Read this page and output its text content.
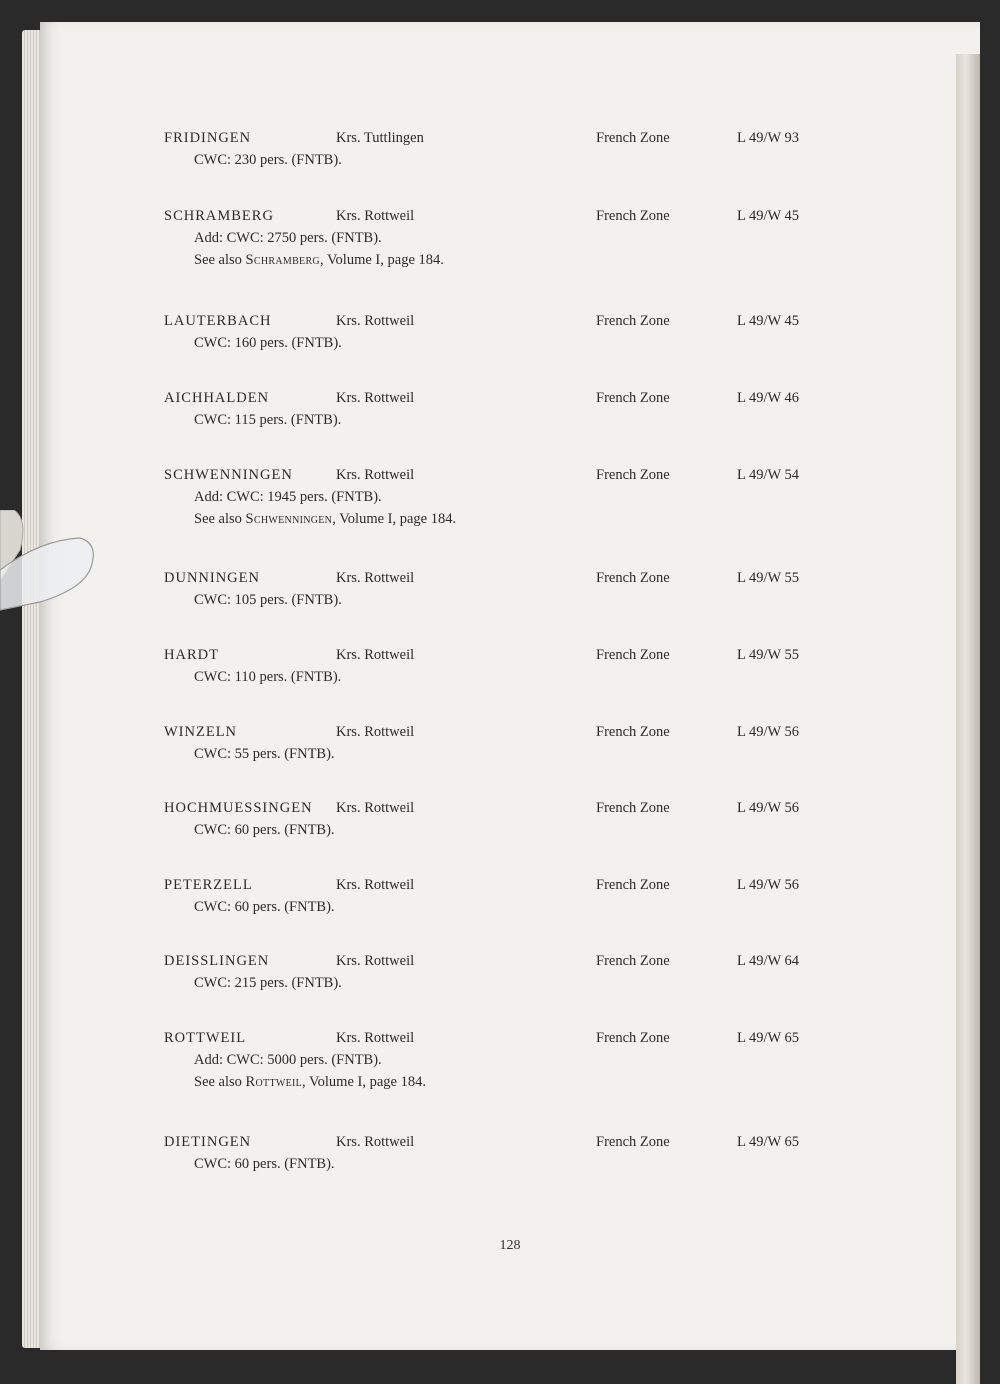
FRIDINGEN	Krs. Tuttlingen	French Zone	L 49/W 93
CWC: 230 pers. (FNTB).
SCHRAMBERG	Krs. Rottweil	French Zone	L 49/W 45
Add: CWC: 2750 pers. (FNTB).
See also Schramberg, Volume I, page 184.
LAUTERBACH	Krs. Rottweil	French Zone	L 49/W 45
CWC: 160 pers. (FNTB).
AICHHALDEN	Krs. Rottweil	French Zone	L 49/W 46
CWC: 115 pers. (FNTB).
SCHWENNINGEN	Krs. Rottweil	French Zone	L 49/W 54
Add: CWC: 1945 pers. (FNTB).
See also Schwenningen, Volume I, page 184.
DUNNINGEN	Krs. Rottweil	French Zone	L 49/W 55
CWC: 105 pers. (FNTB).
HARDT	Krs. Rottweil	French Zone	L 49/W 55
CWC: 110 pers. (FNTB).
WINZELN	Krs. Rottweil	French Zone	L 49/W 56
CWC: 55 pers. (FNTB).
HOCHMUESSINGEN Krs. Rottweil	French Zone	L 49/W 56
CWC: 60 pers. (FNTB).
PETERZELL	Krs. Rottweil	French Zone	L 49/W 56
CWC: 60 pers. (FNTB).
DEISSLINGEN	Krs. Rottweil	French Zone	L 49/W 64
CWC: 215 pers. (FNTB).
ROTTWEIL	Krs. Rottweil	French Zone	L 49/W 65
Add: CWC: 5000 pers. (FNTB).
See also Rottweil, Volume I, page 184.
DIETINGEN	Krs. Rottweil	French Zone	L 49/W 65
CWC: 60 pers. (FNTB).
128
